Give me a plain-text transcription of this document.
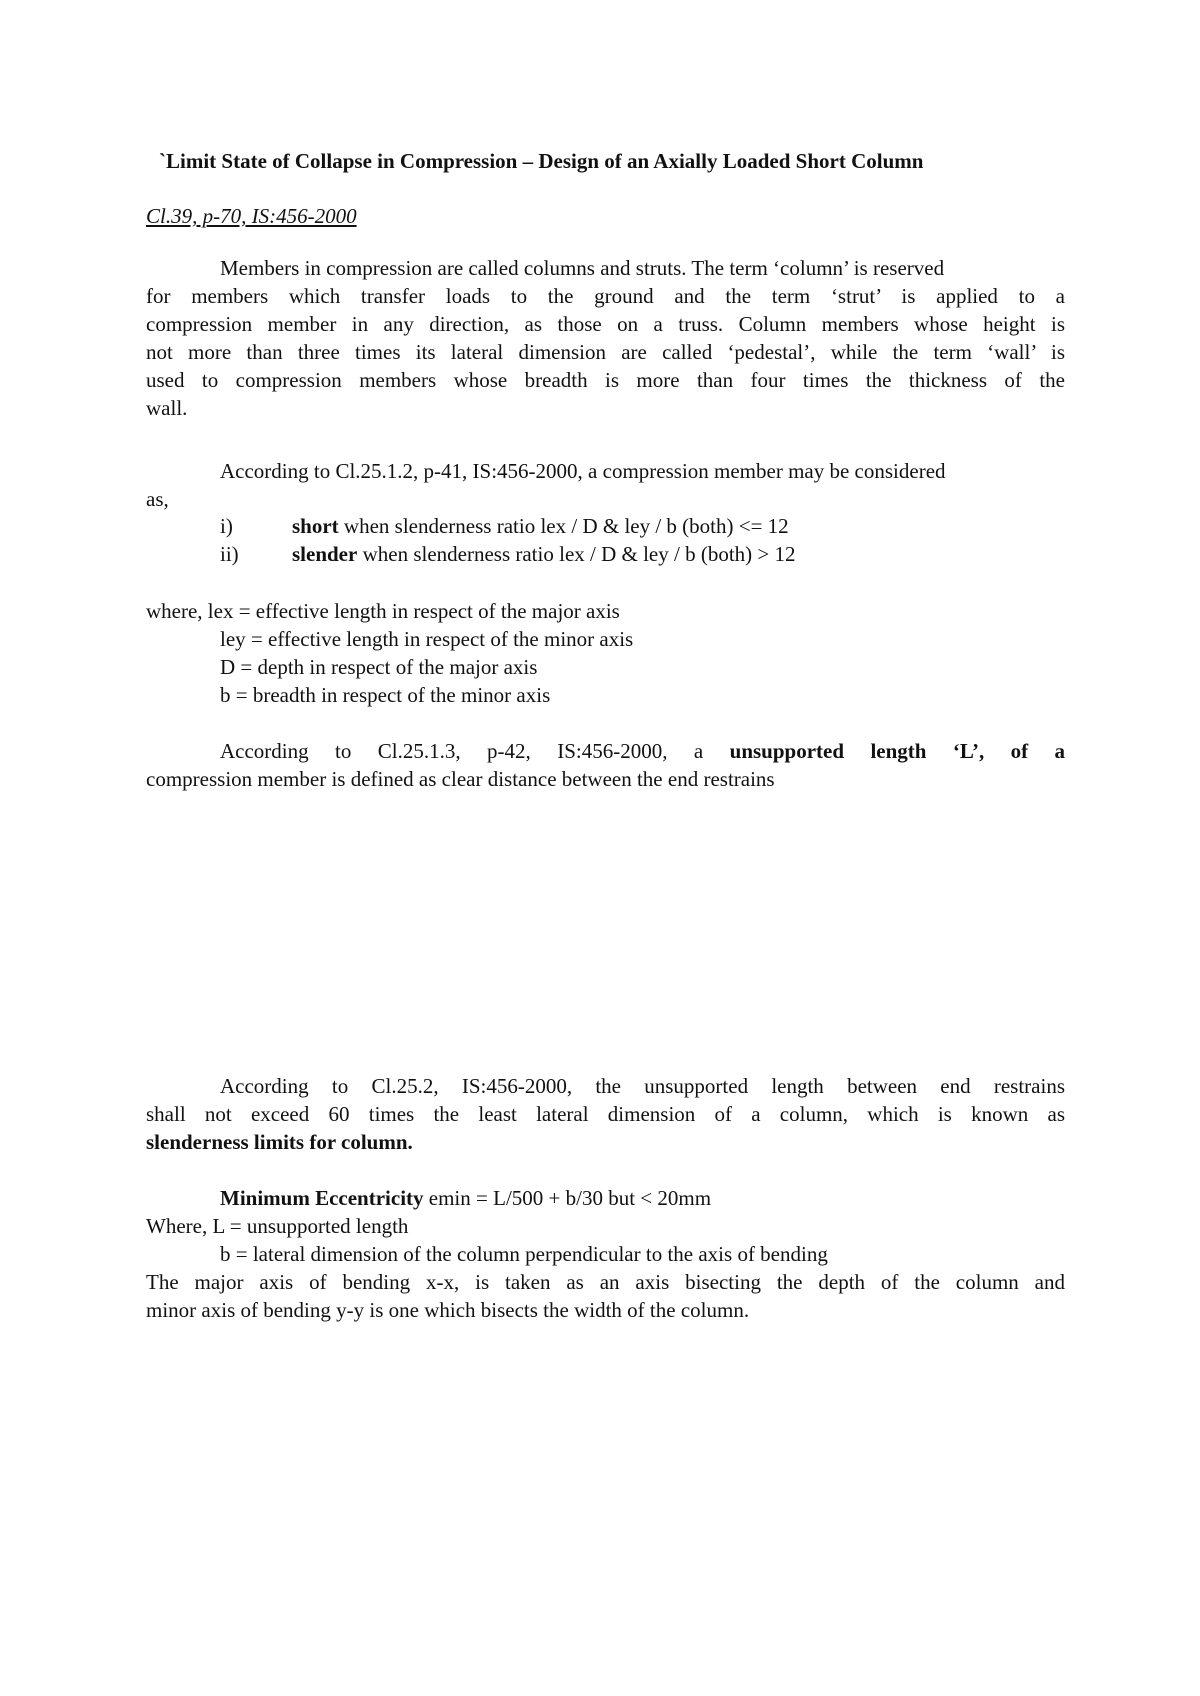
`Limit State of Collapse in Compression – Design of an Axially Loaded Short Column
Cl.39, p-70, IS:456-2000
Members in compression are called columns and struts. The term ‘column’ is reserved
for members which transfer loads to the ground and the term ‘strut’ is applied to a
compression member in any direction, as those on a truss. Column members whose height is
not more than three times its lateral dimension are called ‘pedestal’, while the term ‘wall’ is
used to compression members whose breadth is more than four times the thickness of the
wall.
According to Cl.25.1.2, p-41, IS:456-2000, a compression member may be considered
as,
i)	short when slenderness ratio lex / D & ley / b (both) <= 12
ii)	slender when slenderness ratio lex / D & ley / b (both) > 12
where, lex = effective length in respect of the major axis
ley = effective length in respect of the minor axis
D = depth in respect of the major axis
b = breadth in respect of the minor axis
According to Cl.25.1.3, p-42, IS:456-2000, a unsupported length ‘L’, of a
compression member is defined as clear distance between the end restrains
According to Cl.25.2, IS:456-2000, the unsupported length between end restrains
shall not exceed 60 times the least lateral dimension of a column, which is known as
slenderness limits for column.
Minimum Eccentricity emin = L/500 + b/30 but < 20mm
Where, L = unsupported length
b = lateral dimension of the column perpendicular to the axis of bending
The major axis of bending x-x, is taken as an axis bisecting the depth of the column and
minor axis of bending y-y is one which bisects the width of the column.
